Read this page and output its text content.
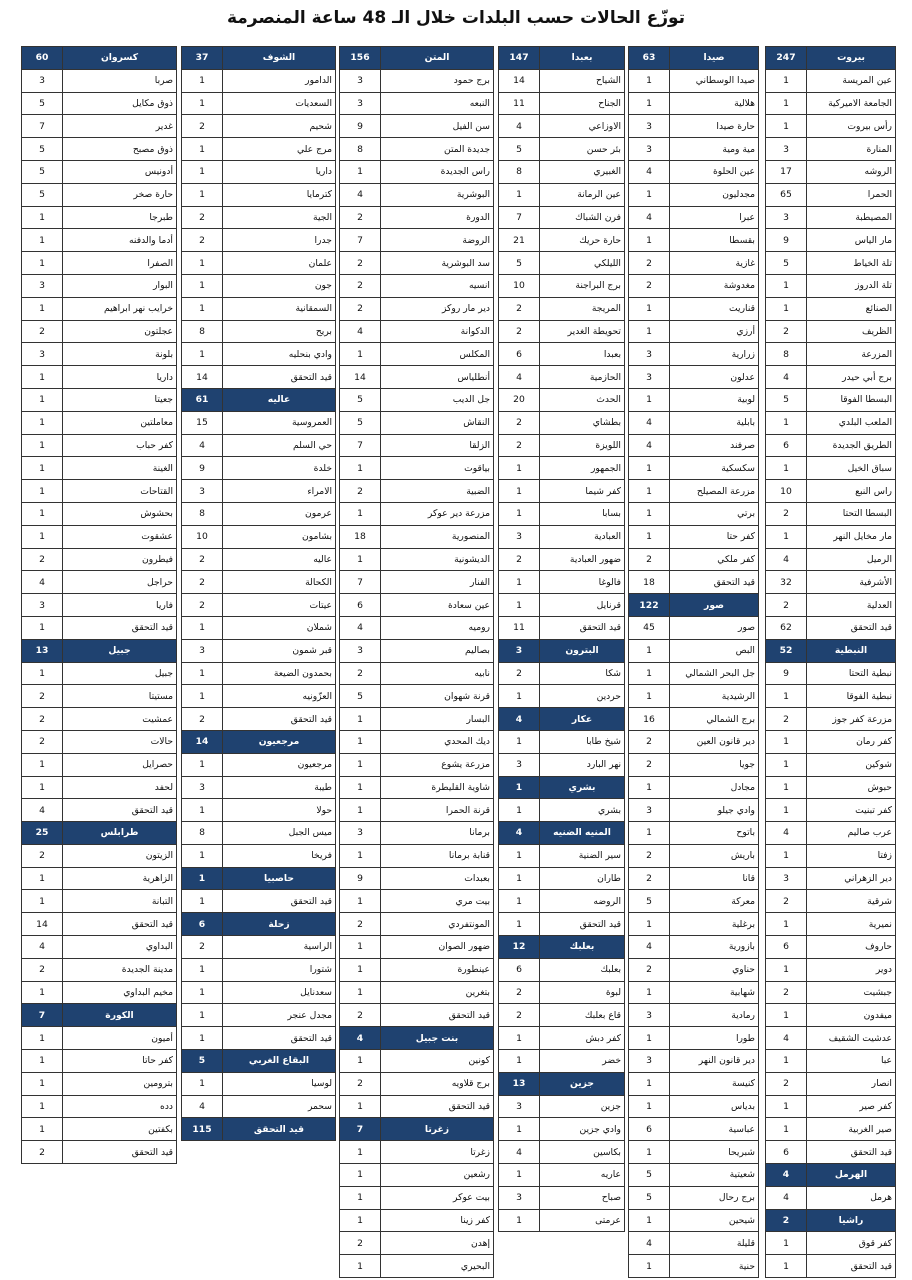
توزّع الحالات حسب البلدات خلال الـ 48 ساعة المنصرمة
بيروت	247
عين المريسة	1
الجامعة الاميركية	1
رأس بيروت	1
المنارة	3
الروشه	17
الحمرا	65
المصيطبة	3
مار الياس	9
تلة الخياط	5
تلة الدروز	1
الصنائع	1
الظريف	2
المزرعة	8
برج أبي حيدر	4
البسطا الفوقا	5
الملعب البلدي	1
الطريق الجديدة	6
سباق الخيل	1
راس النبع	10
البسطا التحتا	2
مار مخايل النهر	1
الرميل	4
الأشرفية	32
العدلية	2
قيد التحقق	62
النبطية	52
نبطية التحتا	9
نبطية الفوقا	1
مزرعة كفر جوز	2
كفر رمان	1
شوكين	1
حبوش	1
كفر تبنيت	1
عرب صاليم	4
زفتا	1
دير الزهراني	3
شرقية	2
نميرية	1
حاروف	6
دوير	1
جبشيت	2
ميفدون	1
عدشيت الشقيف	4
عبا	1
انصار	2
كفر صير	1
صير الغربية	1
قيد التحقق	6
الهرمل	4
هرمل	4
راشيا	2
كفر قوق	1
قيد التحقق	1
صيدا	63
صيدا الوسطاني	1
هلالية	1
حارة صيدا	3
مية ومية	3
عين الحلوة	4
مجدليون	1
عبرا	4
بقسطا	1
غازية	2
مغدوشة	2
قناريت	1
أرزي	1
زرارية	3
عدلون	3
لوبية	1
بابلية	4
صرفند	4
سكسكية	1
مزرعة المصيلح	1
برتي	1
كفر حتا	1
كفر ملكي	2
قيد التحقق	18
صور	122
صور	45
البص	1
جل البحر الشمالي	1
الرشيدية	1
برج الشمالي	16
دير قانون العين	2
جويا	2
مجادل	1
وادي جيلو	3
باتوح	1
باريش	2
قانا	2
معركة	5
برغلية	1
بازورية	4
حناوي	2
شهابية	1
رمادية	3
طورا	1
دير قانون النهر	3
كنيسة	1
بدياس	1
عباسية	6
شبريحا	1
شعيتية	5
برج رحال	5
شيحين	1
قليلة	4
حنية	1
بعبدا	147
الشياح	14
الجناح	11
الاوزاعي	4
بئر حسن	5
الغبيري	8
عين الرمانة	1
فرن الشباك	7
حارة حريك	21
الليلكي	5
برج البراجنة	10
المريجة	2
تحويطة الغدير	2
بعبدا	6
الحازمية	4
الحدث	20
بطشاي	2
اللويزة	2
الجمهور	1
كفر شيما	1
بسابا	1
العبادية	3
ضهور العبادية	2
فالوغا	1
قرنايل	1
قيد التحقق	11
البترون	3
شكا	2
حردين	1
عكار	4
شيخ طابا	1
نهر البارد	3
بشري	1
بشري	1
المنيه الضنيه	4
سير الضنية	1
طاران	1
الروضه	1
قيد التحقق	1
بعلبك	12
بعلبك	6
لبوة	2
قاع بعلبك	2
كفر دبش	1
خضر	1
جزين	13
جزين	3
وادي جزين	1
بكاسين	4
عاريه	1
صباح	3
عرمتى	1
المتن	156
برج حمود	3
النبعه	3
سن الفيل	9
جديدة المتن	8
راس الجديدة	1
البوشرية	4
الدورة	2
الروضة	7
سد البوشرية	2
انسيه	2
دير مار روكز	2
الدكوانة	4
المكلس	1
أنطلياس	14
جل الديب	5
النقاش	5
الزلقا	7
بياقوت	1
الضبية	2
مزرعة دير عوكر	1
المنصورية	18
الديشونية	1
الفنار	7
عين سعادة	6
روميه	4
بصاليم	3
نابيه	2
قرنة شهوان	5
البسار	1
ديك المحدي	1
مزرعة يشوع	1
شاوية القليطرة	1
قرنة الحمرا	1
برمانا	3
قنابة برمانا	1
بعبدات	9
بيت مري	1
المونتفردي	2
ضهور الصوان	1
عينطورة	1
بتغرين	1
قيد التحقق	2
بنت جبيل	4
كونين	1
برج قلاويه	2
قيد التحقق	1
زغرتا	7
زغرتا	1
رشعين	1
بيت عوكر	1
كفر زينا	1
إهدن	2
البحيري	1
الشوف	37
الدامور	1
السعديات	1
شحيم	2
مرج علي	1
داريا	1
كترمايا	1
الجية	2
جدرا	2
علمان	1
جون	1
السمقانية	1
بريح	8
وادي بنحليه	1
قيد التحقق	14
عاليه	61
العمروسية	15
حي السلم	4
خلدة	9
الامراء	3
عرمون	8
بشامون	10
عاليه	2
الكحالة	2
عيتات	2
شملان	1
قبر شمون	3
بحمدون الضيعة	1
العزّونيه	1
قيد التحقق	2
مرجعيون	14
مرجعيون	1
طيبة	3
حولا	1
ميس الجبل	8
فريخا	1
حاصبيا	1
قيد التحقق	1
زحلة	6
الراسية	2
شتورا	1
سعدنايل	1
مجدل عنجر	1
قيد التحقق	1
البقاع الغربي	5
لوسيا	1
سحمر	4
قيد التحقق	115
كسروان	60
صربا	3
ذوق مكايل	5
غدير	7
ذوق مصبح	5
أدونيس	5
حارة صخر	5
طبرجا	1
أدما والدفنه	1
الصفرا	1
البوار	3
خرايب نهر ابراهيم	1
عجلتون	2
بلونة	3
داريا	1
جعيتا	1
معاملتين	1
كفر حباب	1
الغينة	1
القتاحات	1
بحشوش	1
عشقوت	1
فيطرون	2
حراجل	4
فاريا	3
قيد التحقق	1
جبيل	13
جبيل	1
مستيتا	2
عمشيت	2
حالات	2
حصرايل	1
لحفد	1
قيد التحقق	4
طرابلس	25
الزيتون	2
الزاهرية	1
التبانة	1
قيد التحقق	14
البداوي	4
مدينة الجديدة	2
مخيم البداوي	1
الكورة	7
أميون	1
كفر حاتا	1
بترومين	1
دده	1
بكفتين	1
قيد التحقق	2
